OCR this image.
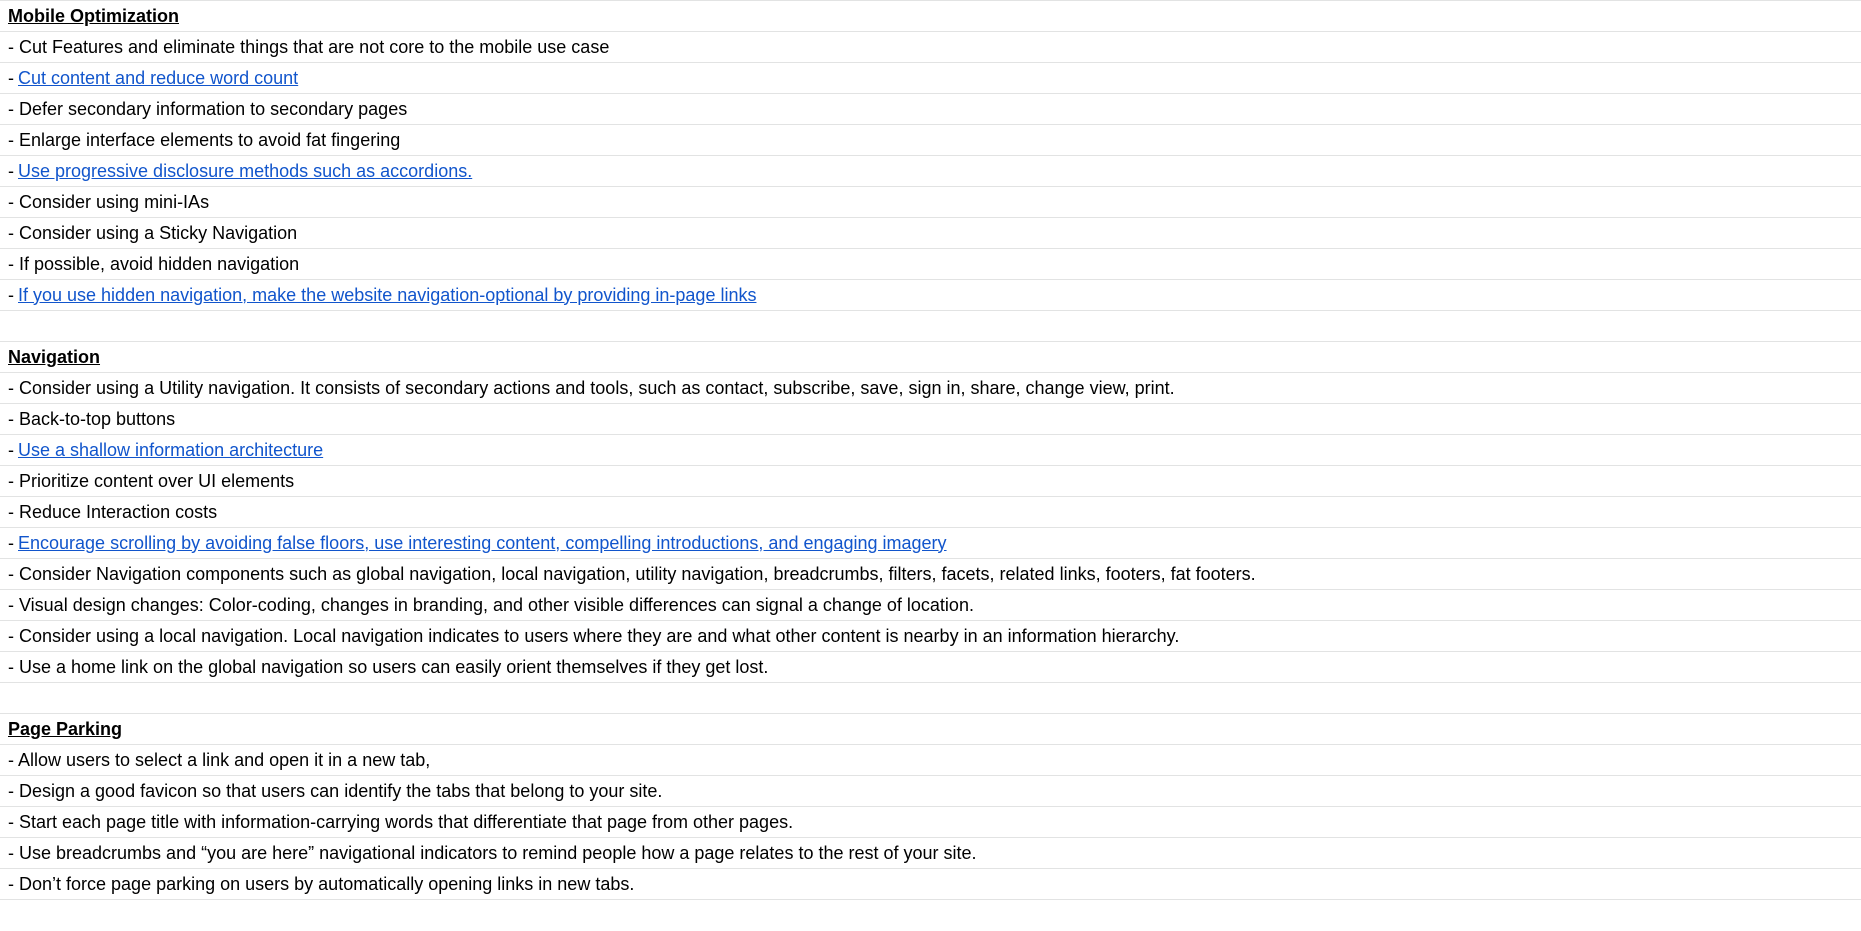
Mobile Optimization
- Cut Features and eliminate things that are not core to the mobile use case
- Cut content and reduce word count
- Defer secondary information to secondary pages
- Enlarge interface elements to avoid fat fingering
- Use progressive disclosure methods such as accordions.
- Consider using mini-IAs
- Consider using a Sticky Navigation
- If possible, avoid hidden navigation
- If you use hidden navigation, make the website navigation-optional by providing in-page links
Navigation
- Consider using a Utility navigation. It consists of secondary actions and tools, such as contact, subscribe, save, sign in, share, change view, print.
- Back-to-top buttons
- Use a shallow information architecture
- Prioritize content over UI elements
- Reduce Interaction costs
- Encourage scrolling by avoiding false floors, use interesting content, compelling introductions, and engaging imagery
- Consider Navigation components such as global navigation, local navigation, utility navigation, breadcrumbs, filters, facets, related links, footers, fat footers.
- Visual design changes: Color-coding, changes in branding, and other visible differences can signal a change of location.
- Consider using a local navigation. Local navigation indicates to users where they are and what other content is nearby in an information hierarchy.
- Use a home link on the global navigation so users can easily orient themselves if they get lost.
Page Parking
- Allow users to select a link and open it in a new tab,
- Design a good favicon so that users can identify the tabs that belong to your site.
- Start each page title with information-carrying words that differentiate that page from other pages.
- Use breadcrumbs and “you are here” navigational indicators to remind people how a page relates to the rest of your site.
- Don’t force page parking on users by automatically opening links in new tabs.
